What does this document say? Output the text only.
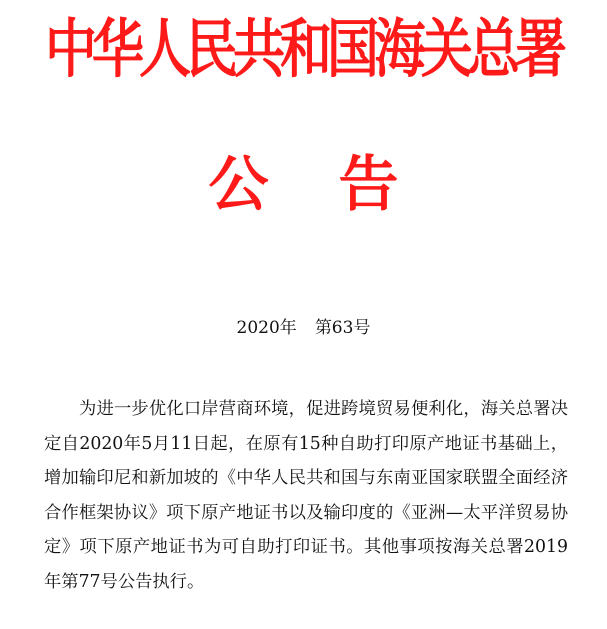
中华人民共和国海关总署
公告
2020年 第63号

为进一步优化口岸营商环境，促进跨境贸易便利化，海关总署决定自2020年5月11日起，在原有15种自助打印原产地证书基础上，增加输印尼和新加坡的《中华人民共和国与东南亚国家联盟全面经济合作框架协议》项下原产地证书以及输印度的《亚洲—太平洋贸易协定》项下原产地证书为可自助打印证书。其他事项按海关总署2019年第77号公告执行。
